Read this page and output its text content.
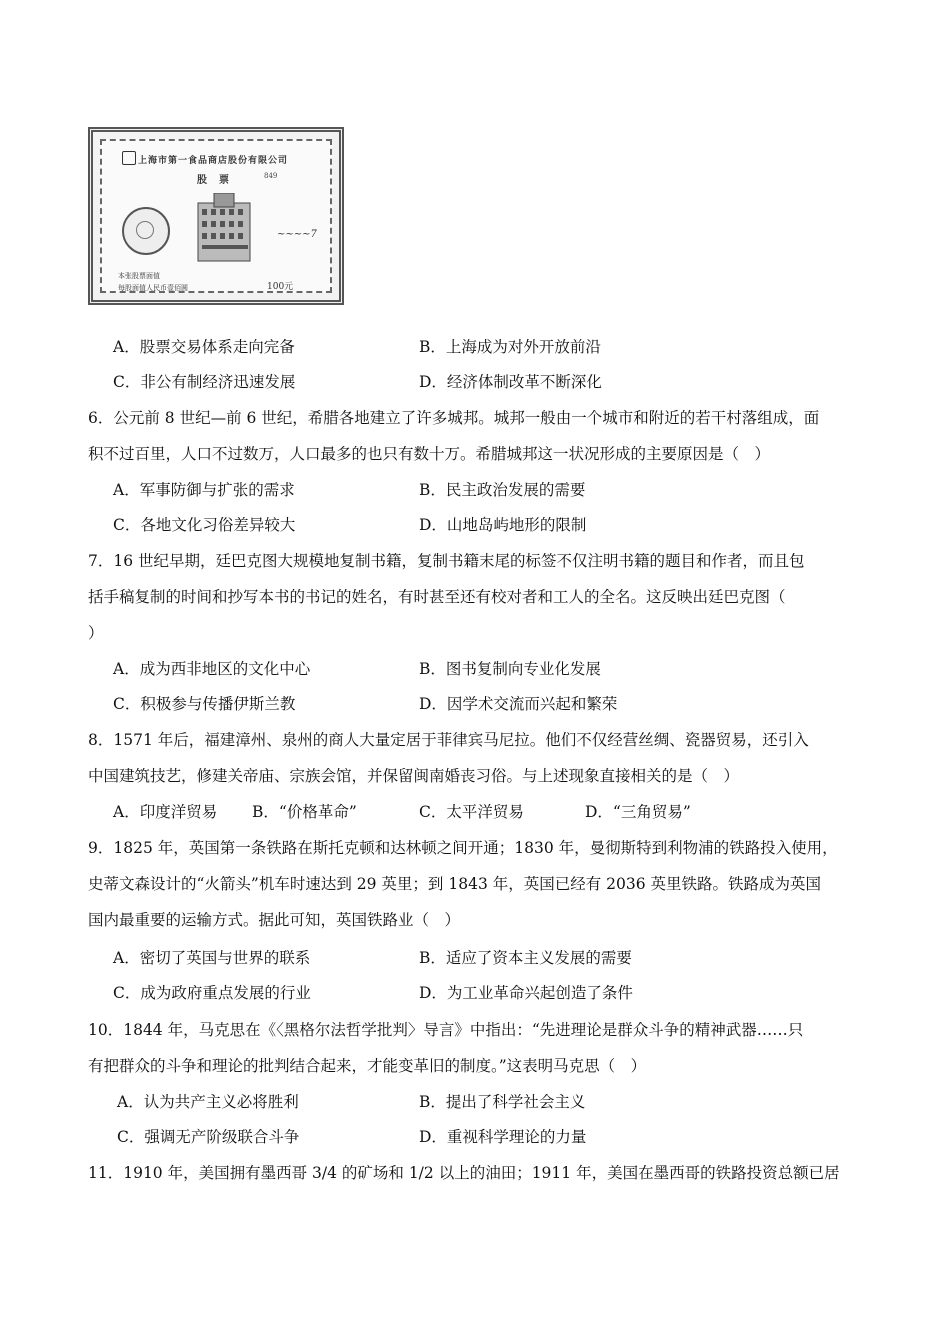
上海市第一食品商店股份有限公司
股票	849
~~~~7
本张股票面值
每股面值人民币壹佰圆	100元
A．股票交易体系走向完备	B．上海成为对外开放前沿
C．非公有制经济迅速发展	D．经济体制改革不断深化
6．公元前 8 世纪—前 6 世纪，希腊各地建立了许多城邦。城邦一般由一个城市和附近的若干村落组成，面
积不过百里，人口不过数万，人口最多的也只有数十万。希腊城邦这一状况形成的主要原因是（　）
A．军事防御与扩张的需求	B．民主政治发展的需要
C．各地文化习俗差异较大	D．山地岛屿地形的限制
7．16 世纪早期，廷巴克图大规模地复制书籍，复制书籍末尾的标签不仅注明书籍的题目和作者，而且包
括手稿复制的时间和抄写本书的书记的姓名，有时甚至还有校对者和工人的全名。这反映出廷巴克图（
）
A．成为西非地区的文化中心	B．图书复制向专业化发展
C．积极参与传播伊斯兰教	D．因学术交流而兴起和繁荣
8．1571 年后，福建漳州、泉州的商人大量定居于菲律宾马尼拉。他们不仅经营丝绸、瓷器贸易，还引入
中国建筑技艺，修建关帝庙、宗族会馆，并保留闽南婚丧习俗。与上述现象直接相关的是（　）
A．印度洋贸易 B．“价格革命”	C．太平洋贸易	D．“三角贸易”
9．1825 年，英国第一条铁路在斯托克顿和达林顿之间开通；1830 年，曼彻斯特到利物浦的铁路投入使用，
史蒂文森设计的“火箭头”机车时速达到 29 英里；到 1843 年，英国已经有 2036 英里铁路。铁路成为英国
国内最重要的运输方式。据此可知，英国铁路业（　）
A．密切了英国与世界的联系	B．适应了资本主义发展的需要
C．成为政府重点发展的行业	D．为工业革命兴起创造了条件
10．1844 年，马克思在《〈黑格尔法哲学批判〉导言》中指出：“先进理论是群众斗争的精神武器……只
有把群众的斗争和理论的批判结合起来，才能变革旧的制度。”这表明马克思（　）
A．认为共产主义必将胜利	B．提出了科学社会主义
C．强调无产阶级联合斗争	D．重视科学理论的力量
11．1910 年，美国拥有墨西哥 3/4 的矿场和 1/2 以上的油田；1911 年，美国在墨西哥的铁路投资总额已居
